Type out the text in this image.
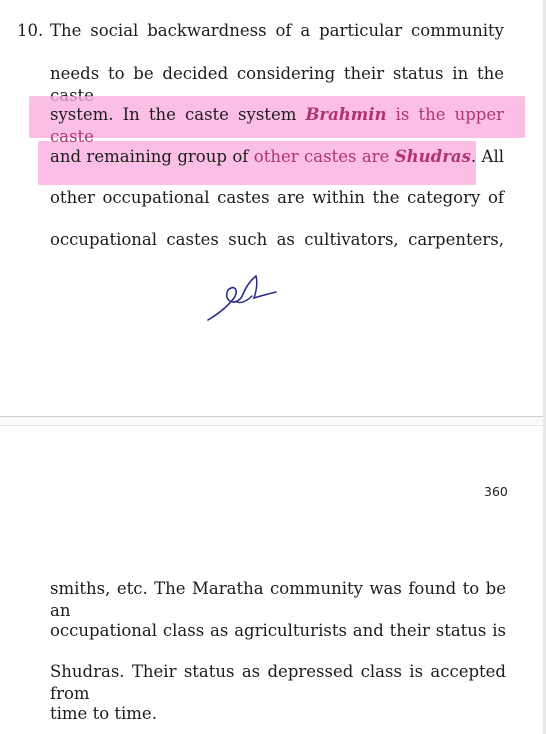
10. The social backwardness of a particular community
needs to be decided considering their status in the
system. In the caste system Brahmin is the upper caste
and remaining group of other castes are Shudras. All
other occupational castes are within the category of
occupational castes such as cultivators, carpenters,
360
smiths, etc. The Maratha community was found to be an
occupational class as agriculturists and their status is
Shudras. Their status as depressed class is accepted from
time to time.
